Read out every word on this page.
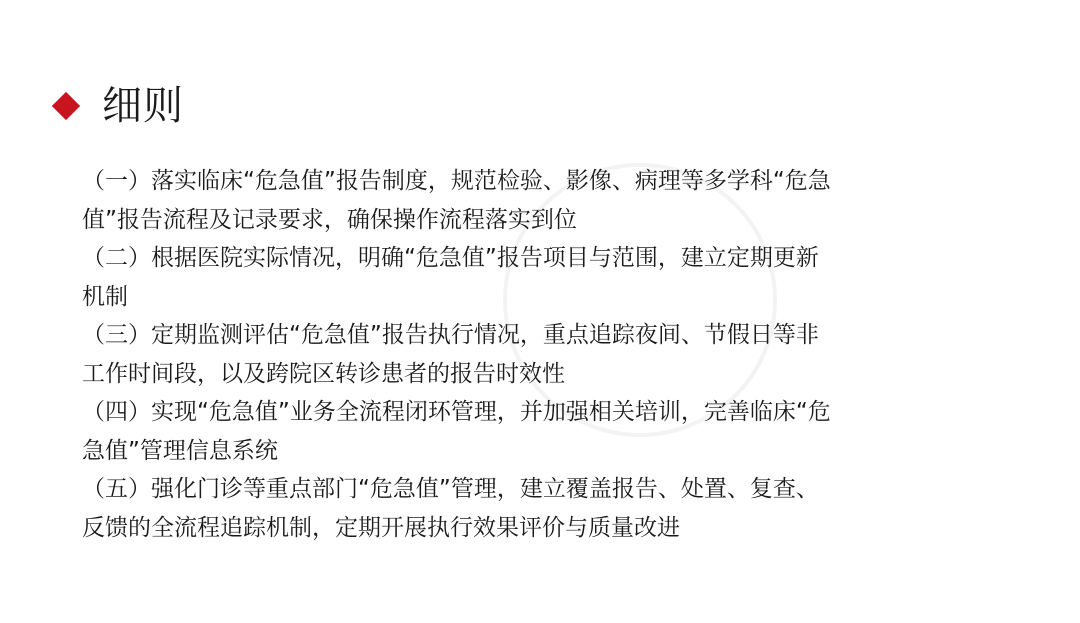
细则
（一）落实临床“危急值”报告制度，规范检验、影像、病理等多学科“危急
值”报告流程及记录要求，确保操作流程落实到位
（二）根据医院实际情况，明确“危急值”报告项目与范围，建立定期更新
机制
（三）定期监测评估“危急值”报告执行情况，重点追踪夜间、节假日等非
工作时间段，以及跨院区转诊患者的报告时效性
（四）实现“危急值”业务全流程闭环管理，并加强相关培训，完善临床“危
急值”管理信息系统
（五）强化门诊等重点部门“危急值”管理，建立覆盖报告、处置、复查、
反馈的全流程追踪机制，定期开展执行效果评价与质量改进
